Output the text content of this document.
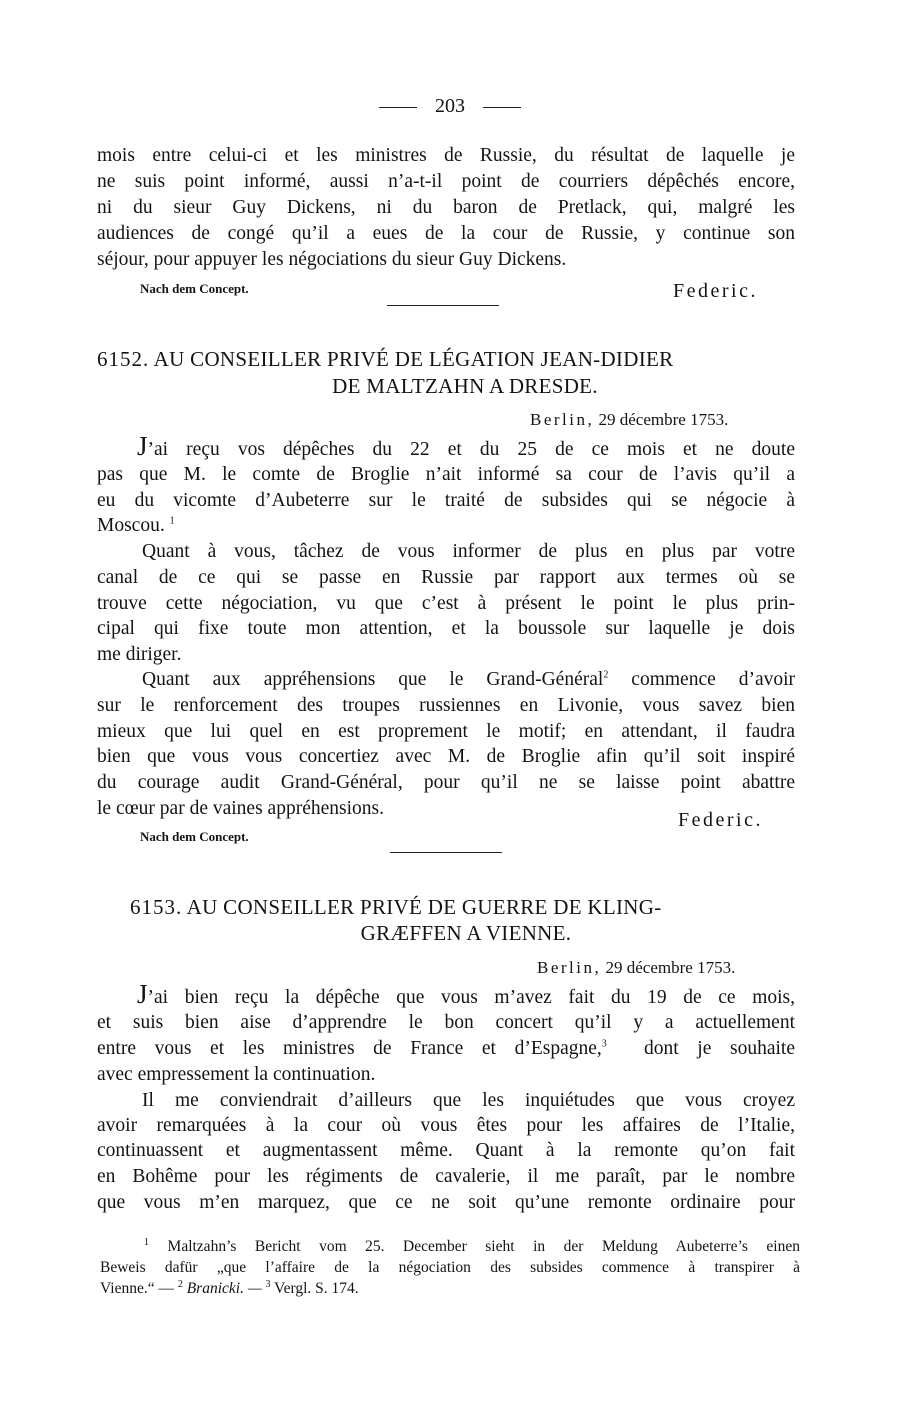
203
mois entre celui-ci et les ministres de Russie, du résultat de laquelle je
ne suis point informé, aussi n’a-t-il point de courriers dépêchés encore,
ni du sieur Guy Dickens, ni du baron de Pretlack, qui, malgré les
audiences de congé qu’il a eues de la cour de Russie, y continue son
séjour, pour appuyer les négociations du sieur Guy Dickens.
Nach dem Concept.	Federic.
6152. AU CONSEILLER PRIVÉ DE LÉGATION JEAN-DIDIER
DE MALTZAHN A DRESDE.
Berlin, 29 décembre 1753.
J’ai reçu vos dépêches du 22 et du 25 de ce mois et ne doute
pas que M. le comte de Broglie n’ait informé sa cour de l’avis qu’il a
eu du vicomte d’Aubeterre sur le traité de subsides qui se négocie à
Moscou. $^1$
Quant à vous, tâchez de vous informer de plus en plus par votre
canal de ce qui se passe en Russie par rapport aux termes où se
trouve cette négociation, vu que c’est à présent le point le plus prin-
cipal qui fixe toute mon attention, et la boussole sur laquelle je dois
me diriger.
Quant aux appréhensions que le Grand-Général$^2$ commence d’avoir
sur le renforcement des troupes russiennes en Livonie, vous savez bien
mieux que lui quel en est proprement le motif; en attendant, il faudra
bien que vous vous concertiez avec M. de Broglie afin qu’il soit inspiré
du courage audit Grand-Général, pour qu’il ne se laisse point abattre
le cœur par de vaines appréhensions.
Federic.
Nach dem Concept.
6153. AU CONSEILLER PRIVÉ DE GUERRE DE KLING-
GRÆFFEN A VIENNE.
Berlin, 29 décembre 1753.
J’ai bien reçu la dépêche que vous m’avez fait du 19 de ce mois,
et suis bien aise d’apprendre le bon concert qu’il y a actuellement
entre vous et les ministres de France et d’Espagne,$^3$ dont je souhaite
avec empressement la continuation.
Il me conviendrait d’ailleurs que les inquiétudes que vous croyez
avoir remarquées à la cour où vous êtes pour les affaires de l’Italie,
continuassent et augmentassent même. Quant à la remonte qu’on fait
en Bohême pour les régiments de cavalerie, il me paraît, par le nombre
que vous m’en marquez, que ce ne soit qu’une remonte ordinaire pour
$^1$ Maltzahn’s Bericht vom 25. December sieht in der Meldung Aubeterre’s einen
Beweis dafür „que l’affaire de la négociation des subsides commence à transpirer à
Vienne.“ — $^2$ Branicki. — $^3$ Vergl. S. 174.
